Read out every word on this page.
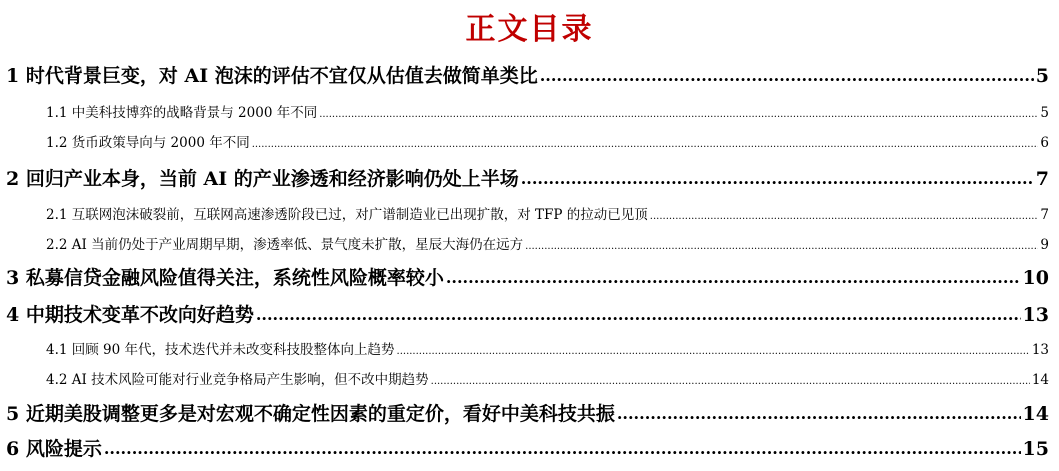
正文目录
1 时代背景巨变，对 AI 泡沫的评估不宜仅从估值去做简单类比 .....	5
1.1 中美科技博弈的战略背景与 2000 年不同 .....	5
1.2 货币政策导向与 2000 年不同 .....	6
2 回归产业本身，当前 AI 的产业渗透和经济影响仍处上半场 .....	7
2.1 互联网泡沫破裂前，互联网高速渗透阶段已过，对广谱制造业已出现扩散，对 TFP 的拉动已见顶 .....	7
2.2 AI 当前仍处于产业周期早期，渗透率低、景气度未扩散，星辰大海仍在远方 .....	9
3 私募信贷金融风险值得关注，系统性风险概率较小 .....	10
4 中期技术变革不改向好趋势 .....	13
4.1 回顾 90 年代，技术迭代并未改变科技股整体向上趋势 .....	13
4.2 AI 技术风险可能对行业竞争格局产生影响，但不改中期趋势 .....	14
5 近期美股调整更多是对宏观不确定性因素的重定价，看好中美科技共振 .....	14
6 风险提示 .....	15
